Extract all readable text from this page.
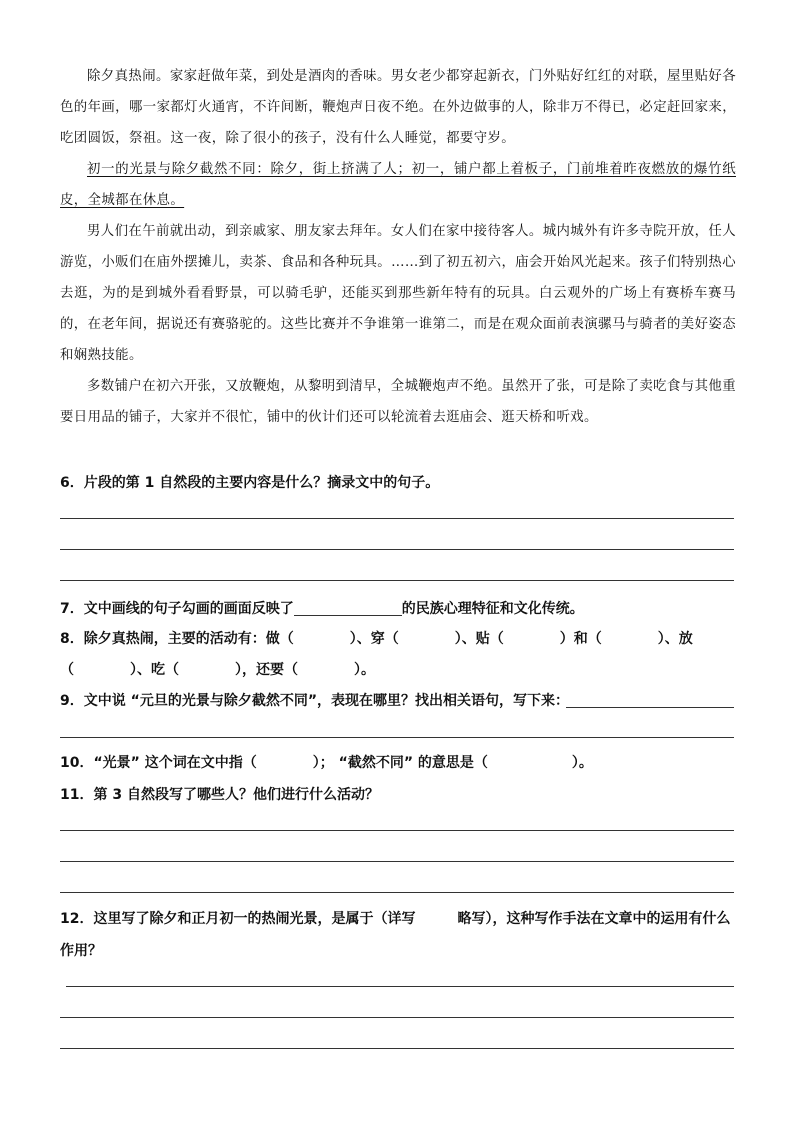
除夕真热闹。家家赶做年菜，到处是酒肉的香味。男女老少都穿起新衣，门外贴好红红的对联，屋里贴好各色的年画，哪一家都灯火通宵，不许间断，鞭炮声日夜不绝。在外边做事的人，除非万不得已，必定赶回家来，吃团圆饭，祭祖。这一夜，除了很小的孩子，没有什么人睡觉，都要守岁。

初一的光景与除夕截然不同：除夕，街上挤满了人；初一，铺户都上着板子，门前堆着昨夜燃放的爆竹纸皮，全城都在休息。

男人们在午前就出动，到亲戚家、朋友家去拜年。女人们在家中接待客人。城内城外有许多寺院开放，任人游览，小贩们在庙外摆摊儿，卖茶、食品和各种玩具。……到了初五初六，庙会开始风光起来。孩子们特别热心去逛，为的是到城外看看野景，可以骑毛驴，还能买到那些新年特有的玩具。白云观外的广场上有赛桥车赛马的，在老年间，据说还有赛骆驼的。这些比赛并不争谁第一谁第二，而是在观众面前表演骡马与骑者的美好姿态和娴熟技能。

多数铺户在初六开张，又放鞭炮，从黎明到清早，全城鞭炮声不绝。虽然开了张，可是除了卖吃食与其他重要日用品的铺子，大家并不很忙，铺中的伙计们还可以轮流着去逛庙会、逛天桥和听戏。

6．片段的第 1 自然段的主要内容是什么？摘录文中的句子。
7．文中画线的句子勾画的画面反映了	的民族心理特征和文化传统。
8．除夕真热闹，主要的活动有：做（　　　　）、穿（　　　　）、贴（　　　　）和（　　　　）、放
（　　　　）、吃（　　　　），还要（　　　　）。
9．文中说 “元旦的光景与除夕截然不同”，表现在哪里？找出相关语句，写下来：
10．“光景” 这个词在文中指（　　　　）； “截然不同” 的意思是（　　　　　　）。
11．第 3 自然段写了哪些人？他们进行什么活动？
12．这里写了除夕和正月初一的热闹光景，是属于（详写　　　略写），这种写作手法在文章中的运用有什么
作用？
